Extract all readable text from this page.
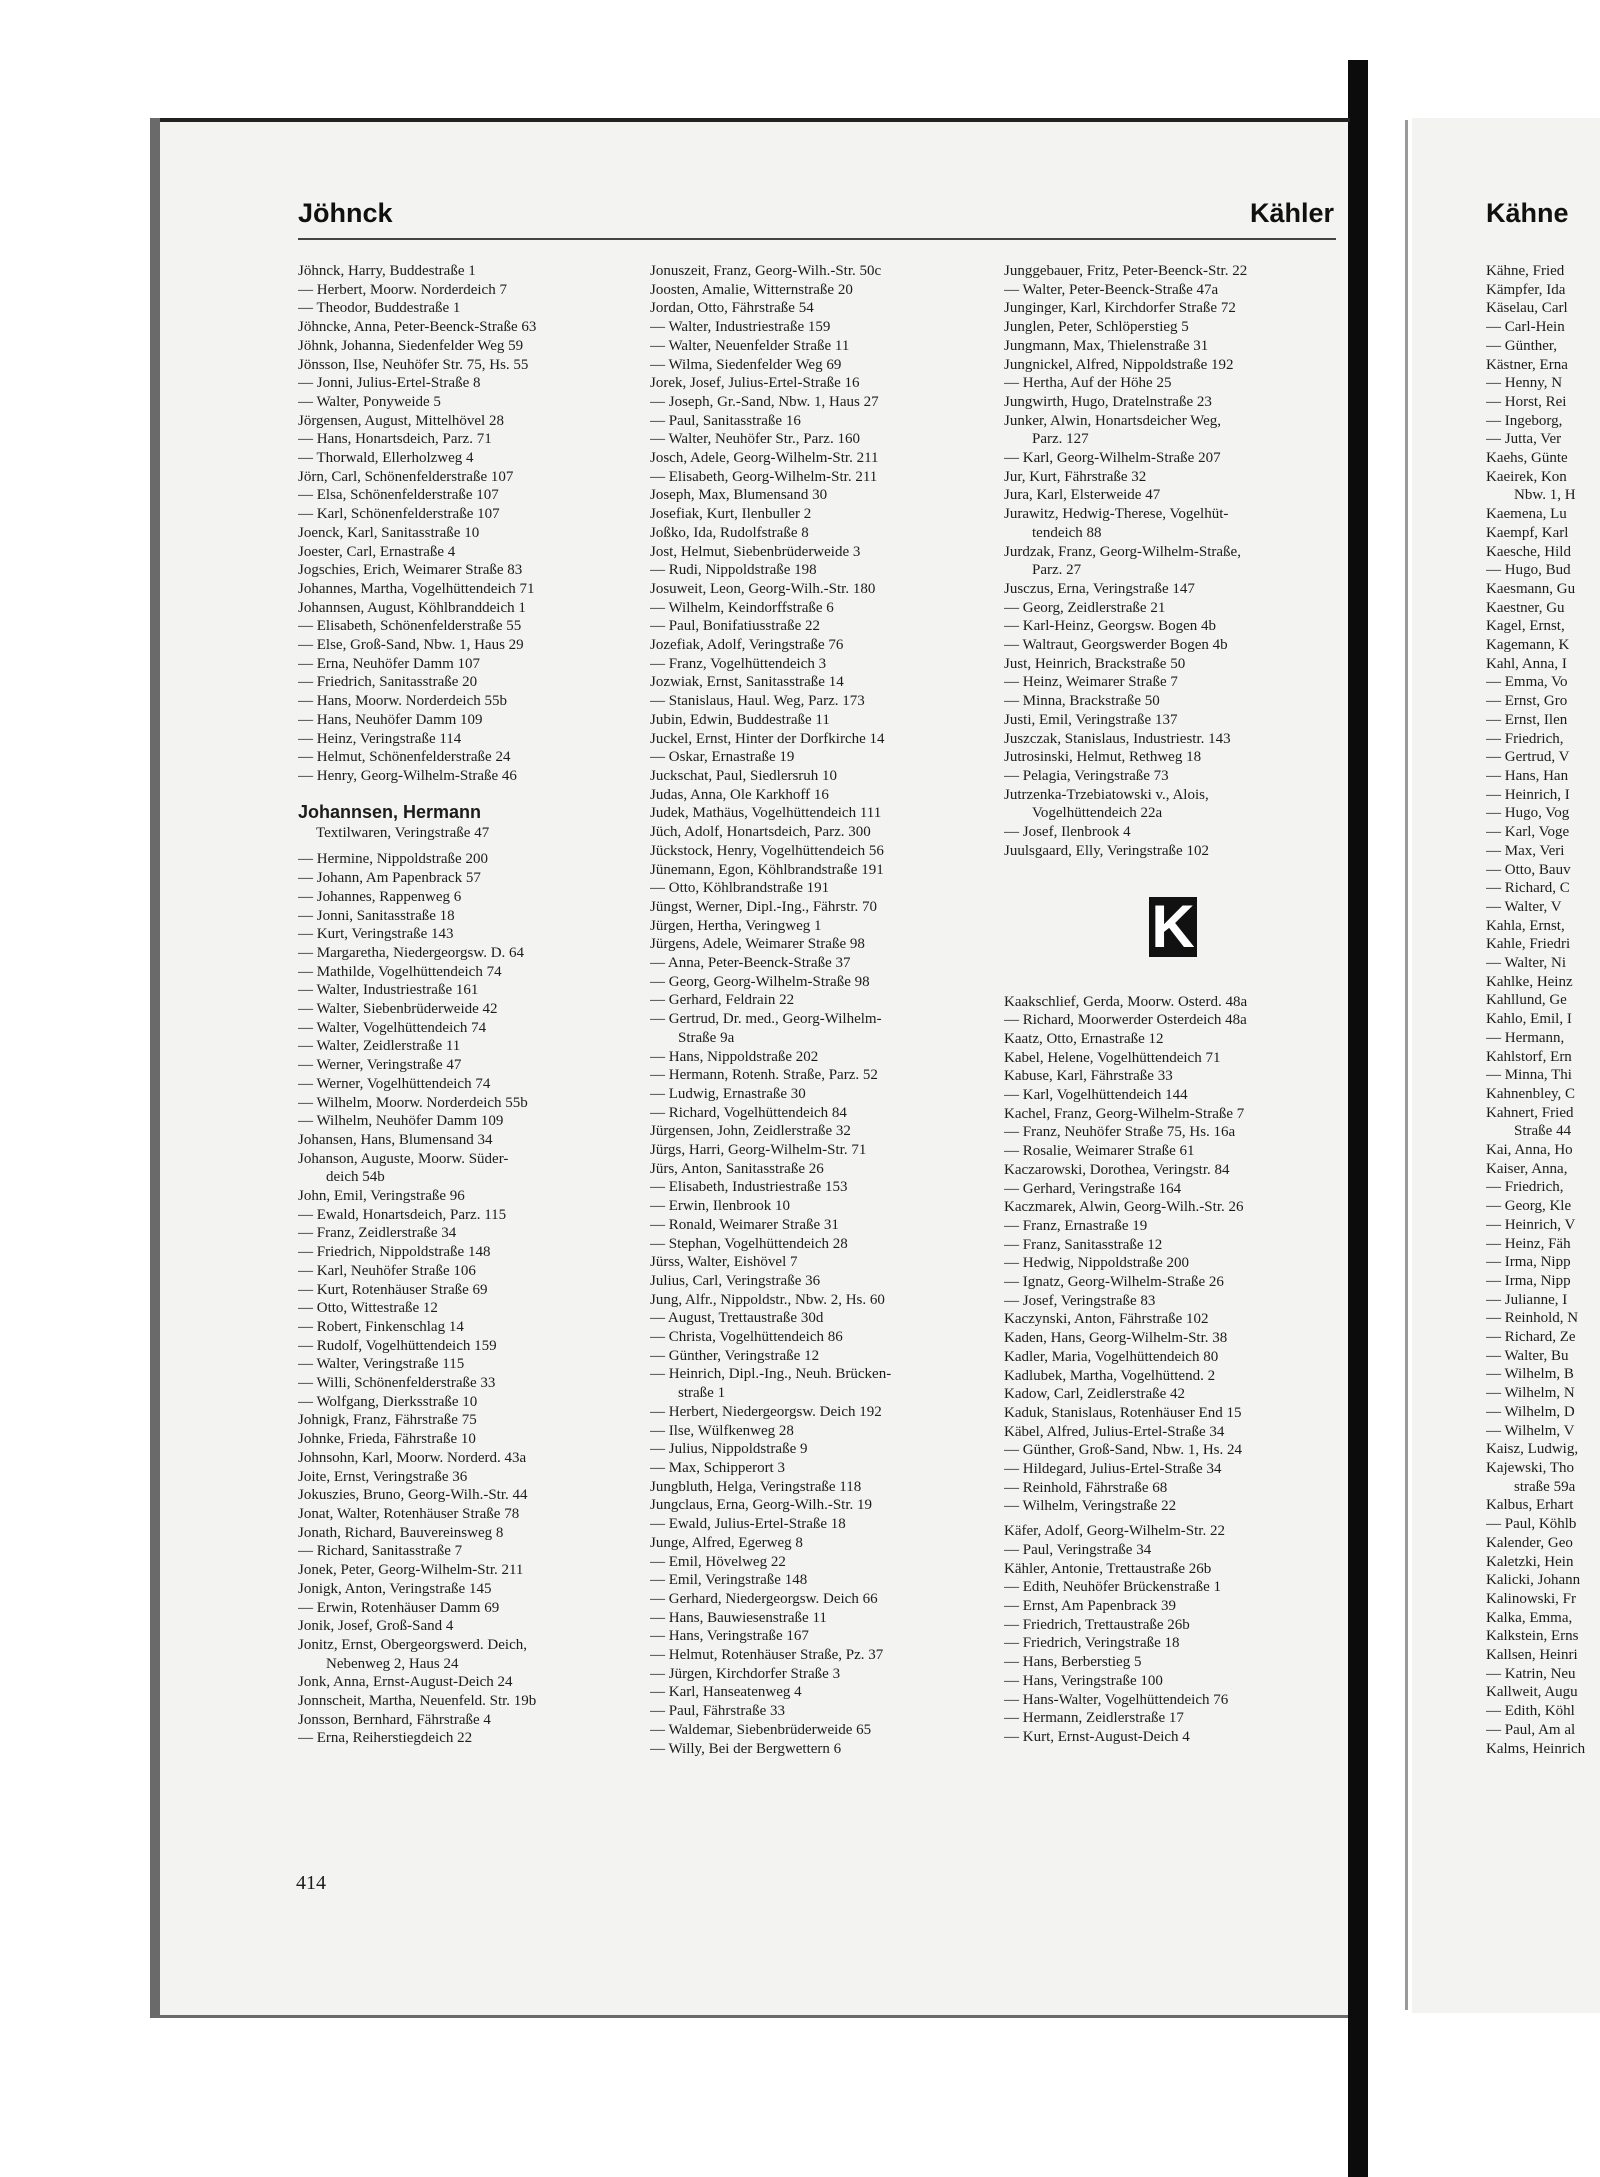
Jöhnck	Kähler	Kähne
Jöhnck, Harry, Buddestraße 1
— Herbert, Moorw. Norderdeich 7
— Theodor, Buddestraße 1
Jöhncke, Anna, Peter-Beenck-Straße 63
Jöhnk, Johanna, Siedenfelder Weg 59
Jönsson, Ilse, Neuhöfer Str. 75, Hs. 55
— Jonni, Julius-Ertel-Straße 8
— Walter, Ponyweide 5
Jörgensen, August, Mittelhövel 28
— Hans, Honartsdeich, Parz. 71
— Thorwald, Ellerholzweg 4
Jörn, Carl, Schönenfelderstraße 107
— Elsa, Schönenfelderstraße 107
— Karl, Schönenfelderstraße 107
Joenck, Karl, Sanitasstraße 10
Joester, Carl, Ernastraße 4
Jogschies, Erich, Weimarer Straße 83
Johannes, Martha, Vogelhüttendeich 71
Johannsen, August, Köhlbranddeich 1
— Elisabeth, Schönenfelderstraße 55
— Else, Groß-Sand, Nbw. 1, Haus 29
— Erna, Neuhöfer Damm 107
— Friedrich, Sanitasstraße 20
— Hans, Moorw. Norderdeich 55b
— Hans, Neuhöfer Damm 109
— Heinz, Veringstraße 114
— Helmut, Schönenfelderstraße 24
— Henry, Georg-Wilhelm-Straße 46
Johannsen, Hermann
Textilwaren, Veringstraße 47
— Hermine, Nippoldstraße 200
— Johann, Am Papenbrack 57
— Johannes, Rappenweg 6
— Jonni, Sanitasstraße 18
— Kurt, Veringstraße 143
— Margaretha, Niedergeorgsw. D. 64
— Mathilde, Vogelhüttendeich 74
— Walter, Industriestraße 161
— Walter, Siebenbrüderweide 42
— Walter, Vogelhüttendeich 74
— Walter, Zeidlerstraße 11
— Werner, Veringstraße 47
— Werner, Vogelhüttendeich 74
— Wilhelm, Moorw. Norderdeich 55b
— Wilhelm, Neuhöfer Damm 109
Johansen, Hans, Blumensand 34
Johanson, Auguste, Moorw. Süder-
deich 54b
John, Emil, Veringstraße 96
— Ewald, Honartsdeich, Parz. 115
— Franz, Zeidlerstraße 34
— Friedrich, Nippoldstraße 148
— Karl, Neuhöfer Straße 106
— Kurt, Rotenhäuser Straße 69
— Otto, Wittestraße 12
— Robert, Finkenschlag 14
— Rudolf, Vogelhüttendeich 159
— Walter, Veringstraße 115
— Willi, Schönenfelderstraße 33
— Wolfgang, Dierksstraße 10
Johnigk, Franz, Fährstraße 75
Johnke, Frieda, Fährstraße 10
Johnsohn, Karl, Moorw. Norderd. 43a
Joite, Ernst, Veringstraße 36
Jokuszies, Bruno, Georg-Wilh.-Str. 44
Jonat, Walter, Rotenhäuser Straße 78
Jonath, Richard, Bauvereinsweg 8
— Richard, Sanitasstraße 7
Jonek, Peter, Georg-Wilhelm-Str. 211
Jonigk, Anton, Veringstraße 145
— Erwin, Rotenhäuser Damm 69
Jonik, Josef, Groß-Sand 4
Jonitz, Ernst, Obergeorgswerd. Deich,
Nebenweg 2, Haus 24
Jonk, Anna, Ernst-August-Deich 24
Jonnscheit, Martha, Neuenfeld. Str. 19b
Jonsson, Bernhard, Fährstraße 4
— Erna, Reiherstiegdeich 22
Jonuszeit, Franz, Georg-Wilh.-Str. 50c
Joosten, Amalie, Witternstraße 20
Jordan, Otto, Fährstraße 54
— Walter, Industriestraße 159
— Walter, Neuenfelder Straße 11
— Wilma, Siedenfelder Weg 69
Jorek, Josef, Julius-Ertel-Straße 16
— Joseph, Gr.-Sand, Nbw. 1, Haus 27
— Paul, Sanitasstraße 16
— Walter, Neuhöfer Str., Parz. 160
Josch, Adele, Georg-Wilhelm-Str. 211
— Elisabeth, Georg-Wilhelm-Str. 211
Joseph, Max, Blumensand 30
Josefiak, Kurt, Ilenbuller 2
Joßko, Ida, Rudolfstraße 8
Jost, Helmut, Siebenbrüderweide 3
— Rudi, Nippoldstraße 198
Josuweit, Leon, Georg-Wilh.-Str. 180
— Wilhelm, Keindorffstraße 6
— Paul, Bonifatiusstraße 22
Jozefiak, Adolf, Veringstraße 76
— Franz, Vogelhüttendeich 3
Jozwiak, Ernst, Sanitasstraße 14
— Stanislaus, Haul. Weg, Parz. 173
Jubin, Edwin, Buddestraße 11
Juckel, Ernst, Hinter der Dorfkirche 14
— Oskar, Ernastraße 19
Juckschat, Paul, Siedlersruh 10
Judas, Anna, Ole Karkhoff 16
Judek, Mathäus, Vogelhüttendeich 111
Jüch, Adolf, Honartsdeich, Parz. 300
Jückstock, Henry, Vogelhüttendeich 56
Jünemann, Egon, Köhlbrandstraße 191
— Otto, Köhlbrandstraße 191
Jüngst, Werner, Dipl.-Ing., Fährstr. 70
Jürgen, Hertha, Veringweg 1
Jürgens, Adele, Weimarer Straße 98
— Anna, Peter-Beenck-Straße 37
— Georg, Georg-Wilhelm-Straße 98
— Gerhard, Feldrain 22
— Gertrud, Dr. med., Georg-Wilhelm-
Straße 9a
— Hans, Nippoldstraße 202
— Hermann, Rotenh. Straße, Parz. 52
— Ludwig, Ernastraße 30
— Richard, Vogelhüttendeich 84
Jürgensen, John, Zeidlerstraße 32
Jürgs, Harri, Georg-Wilhelm-Str. 71
Jürs, Anton, Sanitasstraße 26
— Elisabeth, Industriestraße 153
— Erwin, Ilenbrook 10
— Ronald, Weimarer Straße 31
— Stephan, Vogelhüttendeich 28
Jürss, Walter, Eishövel 7
Julius, Carl, Veringstraße 36
Jung, Alfr., Nippoldstr., Nbw. 2, Hs. 60
— August, Trettaustraße 30d
— Christa, Vogelhüttendeich 86
— Günther, Veringstraße 12
— Heinrich, Dipl.-Ing., Neuh. Brücken-
straße 1
— Herbert, Niedergeorgsw. Deich 192
— Ilse, Wülfkenweg 28
— Julius, Nippoldstraße 9
— Max, Schipperort 3
Jungbluth, Helga, Veringstraße 118
Jungclaus, Erna, Georg-Wilh.-Str. 19
— Ewald, Julius-Ertel-Straße 18
Junge, Alfred, Egerweg 8
— Emil, Hövelweg 22
— Emil, Veringstraße 148
— Gerhard, Niedergeorgsw. Deich 66
— Hans, Bauwiesenstraße 11
— Hans, Veringstraße 167
— Helmut, Rotenhäuser Straße, Pz. 37
— Jürgen, Kirchdorfer Straße 3
— Karl, Hanseatenweg 4
— Paul, Fährstraße 33
— Waldemar, Siebenbrüderweide 65
— Willy, Bei der Bergwettern 6
Junggebauer, Fritz, Peter-Beenck-Str. 22
— Walter, Peter-Beenck-Straße 47a
Junginger, Karl, Kirchdorfer Straße 72
Junglen, Peter, Schlöperstieg 5
Jungmann, Max, Thielenstraße 31
Jungnickel, Alfred, Nippoldstraße 192
— Hertha, Auf der Höhe 25
Jungwirth, Hugo, Dratelnstraße 23
Junker, Alwin, Honartsdeicher Weg,
Parz. 127
— Karl, Georg-Wilhelm-Straße 207
Jur, Kurt, Fährstraße 32
Jura, Karl, Elsterweide 47
Jurawitz, Hedwig-Therese, Vogelhüt-
tendeich 88
Jurdzak, Franz, Georg-Wilhelm-Straße,
Parz. 27
Jusczus, Erna, Veringstraße 147
— Georg, Zeidlerstraße 21
— Karl-Heinz, Georgsw. Bogen 4b
— Waltraut, Georgswerder Bogen 4b
Just, Heinrich, Brackstraße 50
— Heinz, Weimarer Straße 7
— Minna, Brackstraße 50
Justi, Emil, Veringstraße 137
Juszczak, Stanislaus, Industriestr. 143
Jutrosinski, Helmut, Rethweg 18
— Pelagia, Veringstraße 73
Jutrzenka-Trzebiatowski v., Alois,
Vogelhüttendeich 22a
— Josef, Ilenbrook 4
Juulsgaard, Elly, Veringstraße 102
K
Kaakschlief, Gerda, Moorw. Osterd. 48a
— Richard, Moorwerder Osterdeich 48a
Kaatz, Otto, Ernastraße 12
Kabel, Helene, Vogelhüttendeich 71
Kabuse, Karl, Fährstraße 33
— Karl, Vogelhüttendeich 144
Kachel, Franz, Georg-Wilhelm-Straße 7
— Franz, Neuhöfer Straße 75, Hs. 16a
— Rosalie, Weimarer Straße 61
Kaczarowski, Dorothea, Veringstr. 84
— Gerhard, Veringstraße 164
Kaczmarek, Alwin, Georg-Wilh.-Str. 26
— Franz, Ernastraße 19
— Franz, Sanitasstraße 12
— Hedwig, Nippoldstraße 200
— Ignatz, Georg-Wilhelm-Straße 26
— Josef, Veringstraße 83
Kaczynski, Anton, Fährstraße 102
Kaden, Hans, Georg-Wilhelm-Str. 38
Kadler, Maria, Vogelhüttendeich 80
Kadlubek, Martha, Vogelhüttend. 2
Kadow, Carl, Zeidlerstraße 42
Kaduk, Stanislaus, Rotenhäuser End 15
Käbel, Alfred, Julius-Ertel-Straße 34
— Günther, Groß-Sand, Nbw. 1, Hs. 24
— Hildegard, Julius-Ertel-Straße 34
— Reinhold, Fährstraße 68
— Wilhelm, Veringstraße 22
Käfer, Adolf, Georg-Wilhelm-Str. 22
— Paul, Veringstraße 34
Kähler, Antonie, Trettaustraße 26b
— Edith, Neuhöfer Brückenstraße 1
— Ernst, Am Papenbrack 39
— Friedrich, Trettaustraße 26b
— Friedrich, Veringstraße 18
— Hans, Berberstieg 5
— Hans, Veringstraße 100
— Hans-Walter, Vogelhüttendeich 76
— Hermann, Zeidlerstraße 17
— Kurt, Ernst-August-Deich 4
Kähne, Fried
Kämpfer, Ida
Käselau, Carl
— Carl-Hein
— Günther,
Kästner, Erna
— Henny, N
— Horst, Rei
— Ingeborg,
— Jutta, Ver
Kaehs, Günte
Kaeirek, Kon
Nbw. 1, H
Kaemena, Lu
Kaempf, Karl
Kaesche, Hild
— Hugo, Bud
Kaesmann, Gu
Kaestner, Gu
Kagel, Ernst,
Kagemann, K
Kahl, Anna, I
— Emma, Vo
— Ernst, Gro
— Ernst, Ilen
— Friedrich,
— Gertrud, V
— Hans, Han
— Heinrich, I
— Hugo, Vog
— Karl, Voge
— Max, Veri
— Otto, Bauv
— Richard, C
— Walter, V
Kahla, Ernst,
Kahle, Friedri
— Walter, Ni
Kahlke, Heinz
Kahllund, Ge
Kahlo, Emil, I
— Hermann,
Kahlstorf, Ern
— Minna, Thi
Kahnenbley, C
Kahnert, Fried
Straße 44
Kai, Anna, Ho
Kaiser, Anna,
— Friedrich,
— Georg, Kle
— Heinrich, V
— Heinz, Fäh
— Irma, Nipp
— Irma, Nipp
— Julianne, I
— Reinhold, N
— Richard, Ze
— Walter, Bu
— Wilhelm, B
— Wilhelm, N
— Wilhelm, D
— Wilhelm, V
Kaisz, Ludwig,
Kajewski, Tho
straße 59a
Kalbus, Erhart
— Paul, Köhlb
Kalender, Geo
Kaletzki, Hein
Kalicki, Johann
Kalinowski, Fr
Kalka, Emma,
Kalkstein, Erns
Kallsen, Heinri
— Katrin, Neu
Kallweit, Augu
— Edith, Köhl
— Paul, Am al
Kalms, Heinrich
414
